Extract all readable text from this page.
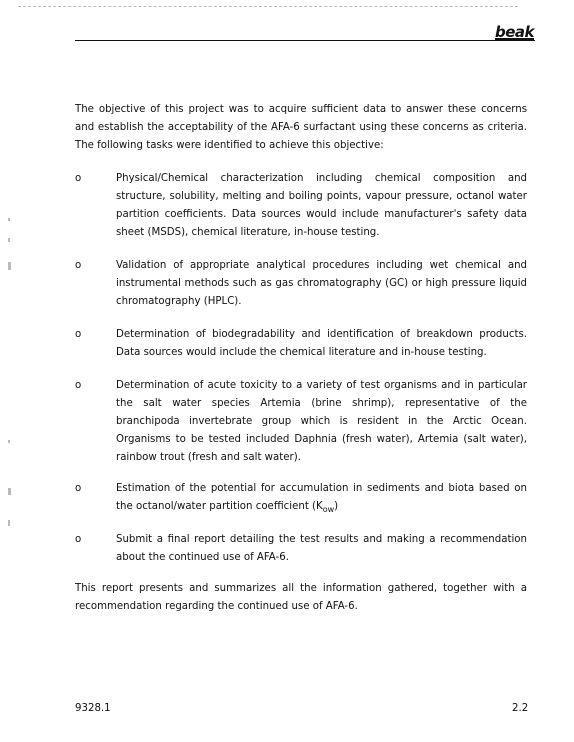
beak
The objective of this project was to acquire sufficient data to answer these concerns and establish the acceptability of the AFA-6 surfactant using these concerns as criteria. The following tasks were identified to achieve this objective:
o	Physical/Chemical characterization including chemical composition and structure, solubility, melting and boiling points, vapour pressure, octanol water partition coefficients. Data sources would include manufacturer's safety data sheet (MSDS), chemical literature, in-house testing.
o	Validation of appropriate analytical procedures including wet chemical and instrumental methods such as gas chromatography (GC) or high pressure liquid chromatography (HPLC).
o	Determination of biodegradability and identification of breakdown products. Data sources would include the chemical literature and in-house testing.
o	Determination of acute toxicity to a variety of test organisms and in particular the salt water species Artemia (brine shrimp), representative of the branchipoda invertebrate group which is resident in the Arctic Ocean. Organisms to be tested included Daphnia (fresh water), Artemia (salt water), rainbow trout (fresh and salt water).
o	Estimation of the potential for accumulation in sediments and biota based on the octanol/water partition coefficient $(K_{ow})$
o	Submit a final report detailing the test results and making a recommendation about the continued use of AFA-6.
This report presents and summarizes all the information gathered, together with a recommendation regarding the continued use of AFA-6.
9328.1	2.2
